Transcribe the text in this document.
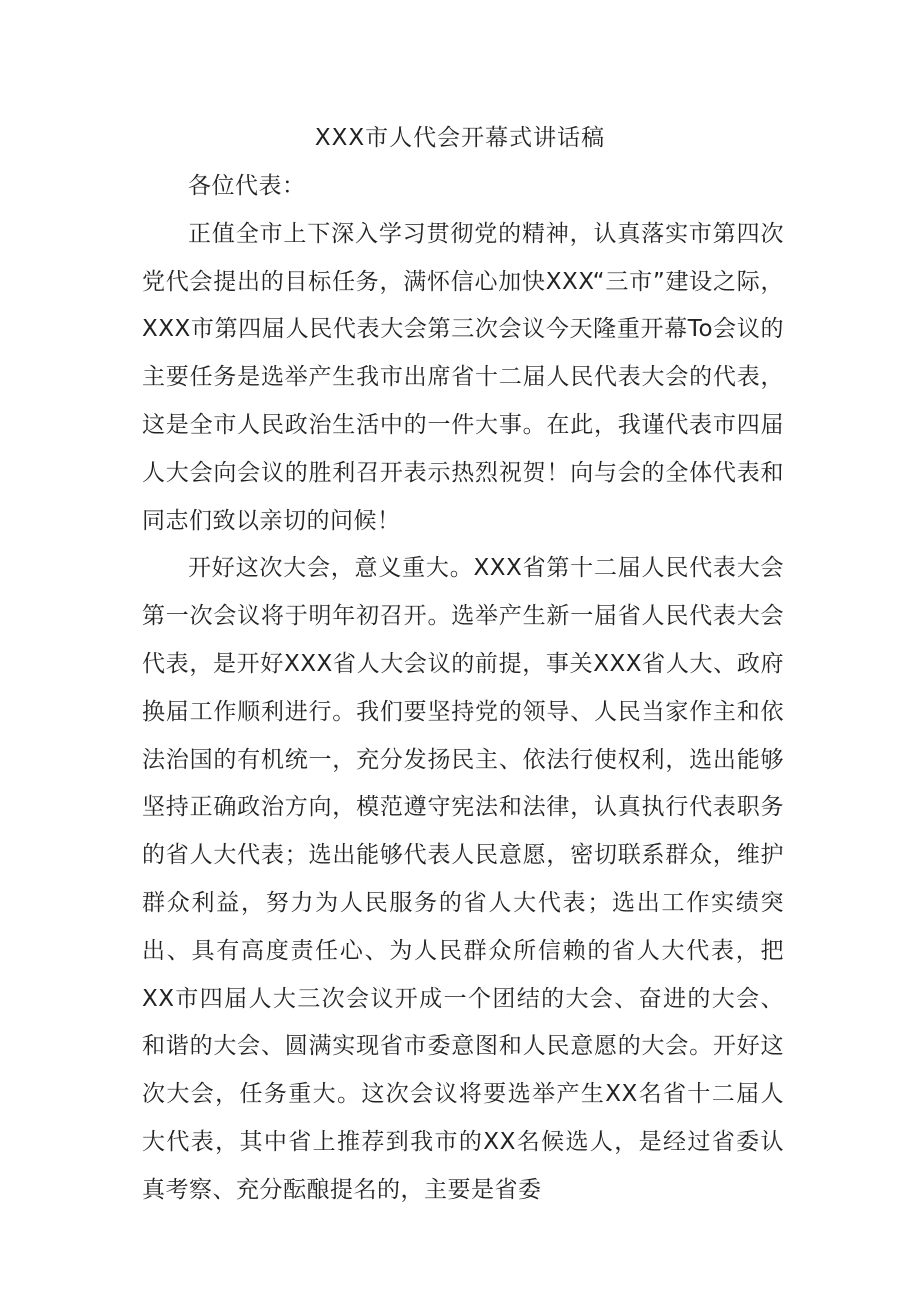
XXX市人代会开幕式讲话稿

各位代表：

正值全市上下深入学习贯彻党的精神，认真落实市第四次党代会提出的目标任务，满怀信心加快XXX“三市”建设之际，XXX市第四届人民代表大会第三次会议今天隆重开幕To会议的主要任务是选举产生我市出席省十二届人民代表大会的代表，这是全市人民政治生活中的一件大事。在此，我谨代表市四届人大会向会议的胜利召开表示热烈祝贺！向与会的全体代表和同志们致以亲切的问候！

开好这次大会，意义重大。XXX省第十二届人民代表大会第一次会议将于明年初召开。选举产生新一届省人民代表大会代表，是开好XXX省人大会议的前提，事关XXX省人大、政府换届工作顺利进行。我们要坚持党的领导、人民当家作主和依法治国的有机统一，充分发扬民主、依法行使权利，选出能够坚持正确政治方向，模范遵守宪法和法律，认真执行代表职务的省人大代表；选出能够代表人民意愿，密切联系群众，维护群众利益，努力为人民服务的省人大代表；选出工作实绩突出、具有高度责任心、为人民群众所信赖的省人大代表，把XX市四届人大三次会议开成一个团结的大会、奋进的大会、和谐的大会、圆满实现省市委意图和人民意愿的大会。开好这次大会，任务重大。这次会议将要选举产生XX名省十二届人大代表，其中省上推荐到我市的XX名候选人，是经过省委认真考察、充分酝酿提名的，主要是省委
